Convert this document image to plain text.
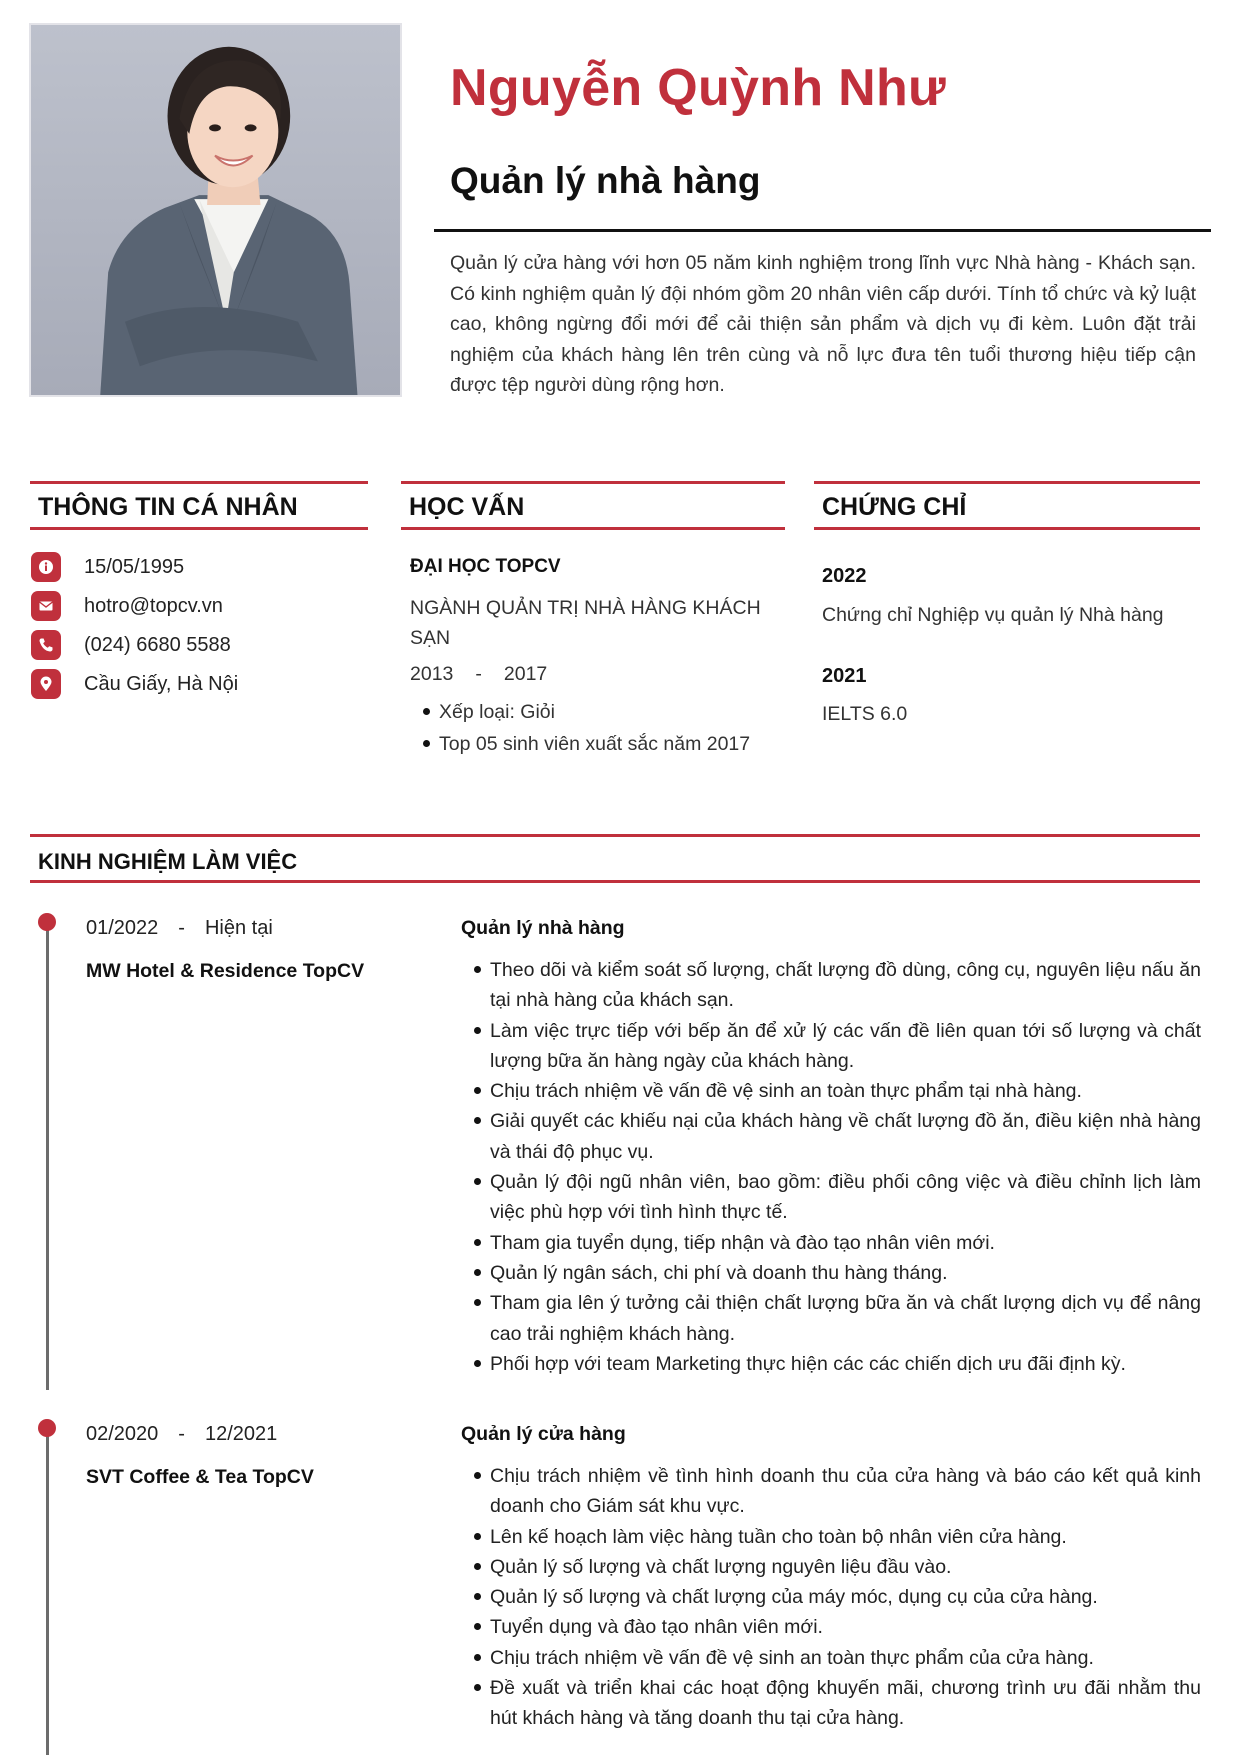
Nguyễn Quỳnh Như
Quản lý nhà hàng

Quản lý cửa hàng với hơn 05 năm kinh nghiệm trong lĩnh vực Nhà hàng - Khách sạn. Có kinh nghiệm quản lý đội nhóm gồm 20 nhân viên cấp dưới. Tính tổ chức và kỷ luật cao, không ngừng đổi mới để cải thiện sản phẩm và dịch vụ đi kèm. Luôn đặt trải nghiệm của khách hàng lên trên cùng và nỗ lực đưa tên tuổi thương hiệu tiếp cận được tệp người dùng rộng hơn.

THÔNG TIN CÁ NHÂN	HỌC VẤN	CHỨNG CHỈ
15/05/1995
hotro@topcv.vn
(024) 6680 5588
Cầu Giấy, Hà Nội
ĐẠI HỌC TOPCV
NGÀNH QUẢN TRỊ NHÀ HÀNG KHÁCH SẠN
2013 - 2017
Xếp loại: Giỏi
Top 05 sinh viên xuất sắc năm 2017
2022
Chứng chỉ Nghiệp vụ quản lý Nhà hàng
2021
IELTS 6.0
KINH NGHIỆM LÀM VIỆC
01/2022 - Hiện tại
MW Hotel & Residence TopCV
Quản lý nhà hàng
Theo dõi và kiểm soát số lượng, chất lượng đồ dùng, công cụ, nguyên liệu nấu ăn tại nhà hàng của khách sạn.
Làm việc trực tiếp với bếp ăn để xử lý các vấn đề liên quan tới số lượng và chất lượng bữa ăn hàng ngày của khách hàng.
Chịu trách nhiệm về vấn đề vệ sinh an toàn thực phẩm tại nhà hàng.
Giải quyết các khiếu nại của khách hàng về chất lượng đồ ăn, điều kiện nhà hàng và thái độ phục vụ.
Quản lý đội ngũ nhân viên, bao gồm: điều phối công việc và điều chỉnh lịch làm việc phù hợp với tình hình thực tế.
Tham gia tuyển dụng, tiếp nhận và đào tạo nhân viên mới.
Quản lý ngân sách, chi phí và doanh thu hàng tháng.
Tham gia lên ý tưởng cải thiện chất lượng bữa ăn và chất lượng dịch vụ để nâng cao trải nghiệm khách hàng.
Phối hợp với team Marketing thực hiện các các chiến dịch ưu đãi định kỳ.
02/2020 - 12/2021
SVT Coffee & Tea TopCV
Quản lý cửa hàng
Chịu trách nhiệm về tình hình doanh thu của cửa hàng và báo cáo kết quả kinh doanh cho Giám sát khu vực.
Lên kế hoạch làm việc hàng tuần cho toàn bộ nhân viên cửa hàng.
Quản lý số lượng và chất lượng nguyên liệu đầu vào.
Quản lý số lượng và chất lượng của máy móc, dụng cụ của cửa hàng.
Tuyển dụng và đào tạo nhân viên mới.
Chịu trách nhiệm về vấn đề vệ sinh an toàn thực phẩm của cửa hàng.
Đề xuất và triển khai các hoạt động khuyến mãi, chương trình ưu đãi nhằm thu hút khách hàng và tăng doanh thu tại cửa hàng.
